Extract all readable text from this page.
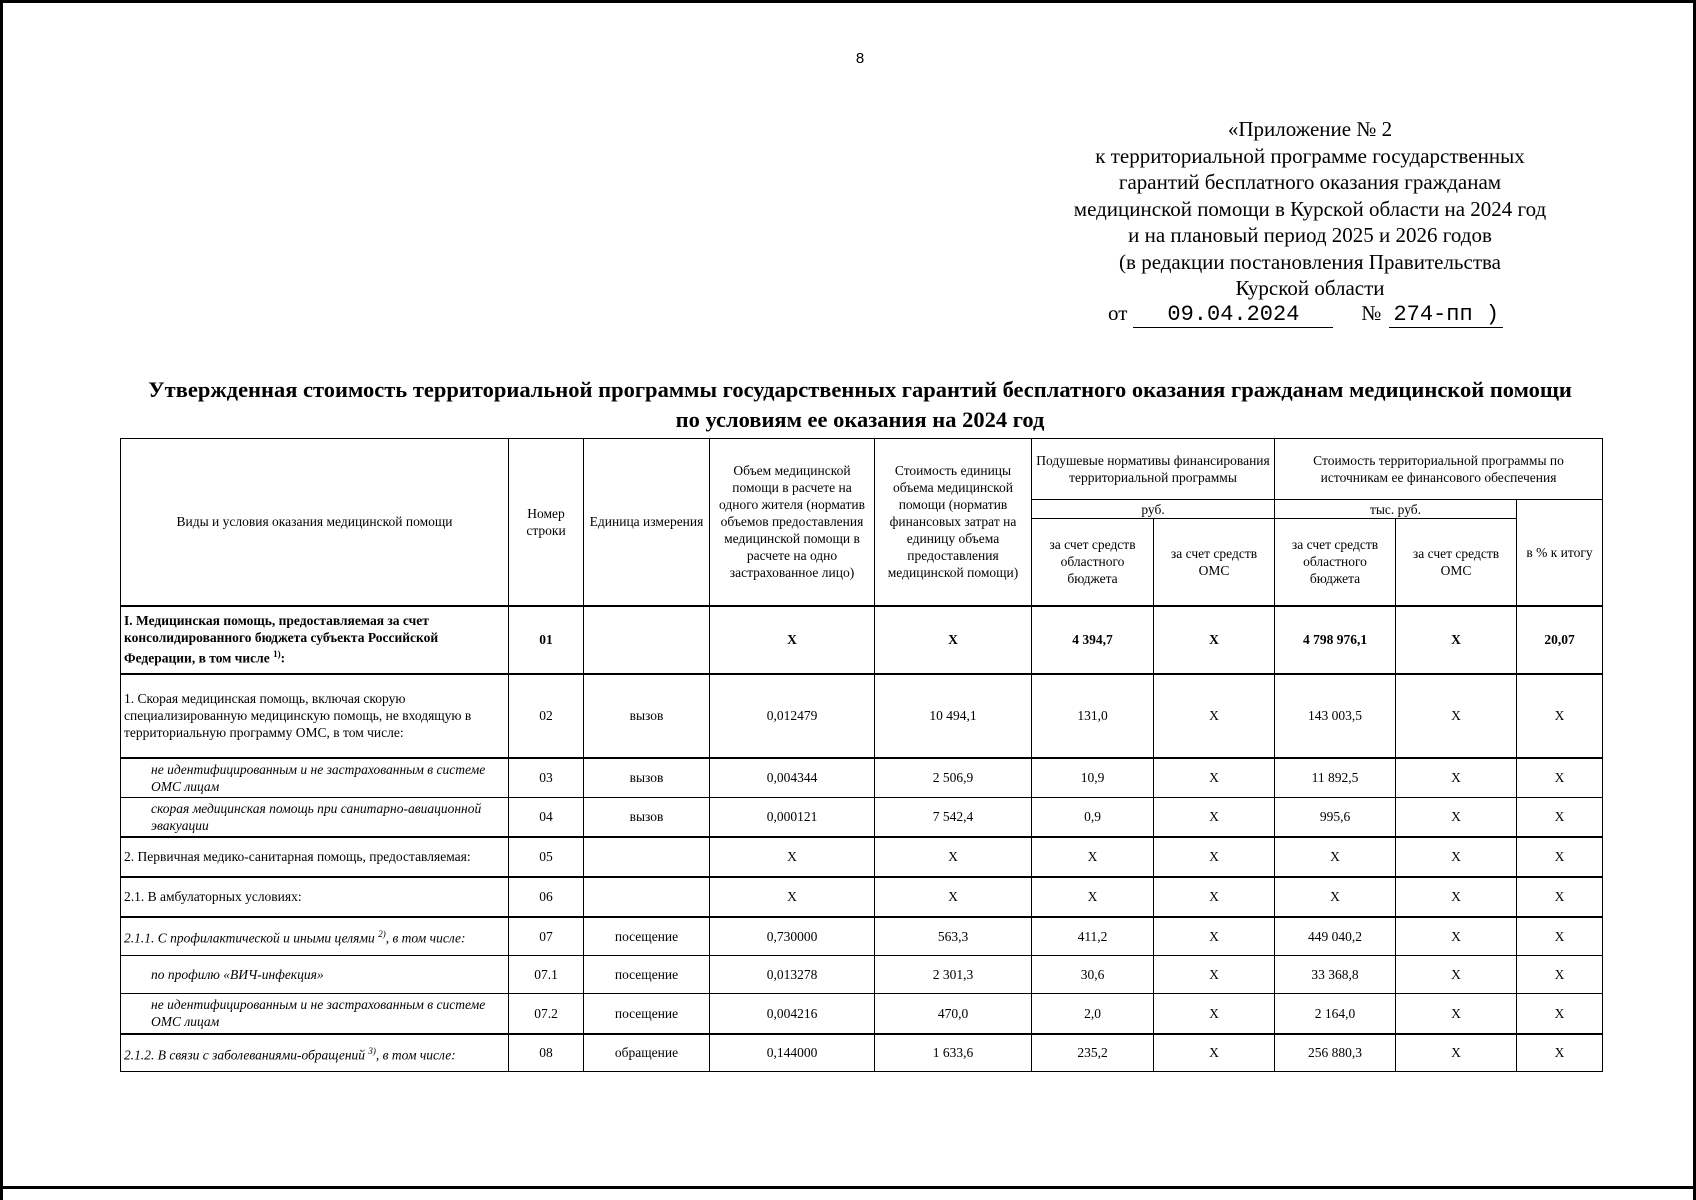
8
«Приложение № 2
к территориальной программе государственных
гарантий бесплатного оказания гражданам
медицинской помощи в Курской области на 2024 год
и на плановый период 2025 и 2026 годов
(в редакции постановления Правительства
Курской области
от 09.04.2024	№ 274-пп )
Утвержденная стоимость территориальной программы государственных гарантий бесплатного оказания гражданам медицинской помощи
по условиям ее оказания на 2024 год
Виды и условия оказания медицинской помощи	Номер строки	Единица измерения	Объем медицинской помощи в расчете на одного жителя (норматив объемов предоставления медицинской помощи в расчете на одно застрахованное лицо)	Стоимость единицы объема медицинской помощи (норматив финансовых затрат на единицу объема предоставления медицинской помощи)	Подушевые нормативы финансирования территориальной программы		Стоимость территориальной программы по источникам ее финансового обеспечения		
					руб.		тыс. руб.		в % к итогу
					за счет средств областного бюджета	за счет средств ОМС	за счет средств областного бюджета	за счет средств ОМС	
I. Медицинская помощь, предоставляемая за счет консолидированного бюджета субъекта Российской Федерации, в том числе $^{1)}$:	01		Х	Х	4 394,7	Х	4 798 976,1	Х	20,07
1. Скорая медицинская помощь, включая скорую специализированную медицинскую помощь, не входящую в территориальную программу ОМС, в том числе:	02	вызов	0,012479	10 494,1	131,0	Х	143 003,5	Х	Х
не идентифицированным и не застрахованным в системе ОМС лицам	03	вызов	0,004344	2 506,9	10,9	Х	11 892,5	Х	Х
скорая медицинская помощь при санитарно-авиационной эвакуации	04	вызов	0,000121	7 542,4	0,9	Х	995,6	Х	Х
2. Первичная медико-санитарная помощь, предоставляемая:	05		Х	Х	Х	Х	Х	Х	Х
2.1. В амбулаторных условиях:	06		Х	Х	Х	Х	Х	Х	Х
2.1.1. С профилактической и иными целями $^{2)}$, в том числе:	07	посещение	0,730000	563,3	411,2	Х	449 040,2	Х	Х
по профилю «ВИЧ-инфекция»	07.1	посещение	0,013278	2 301,3	30,6	Х	33 368,8	Х	Х
не идентифицированным и не застрахованным в системе ОМС лицам	07.2	посещение	0,004216	470,0	2,0	Х	2 164,0	Х	Х
2.1.2. В связи с заболеваниями-обращений $^{3)}$, в том числе:	08	обращение	0,144000	1 633,6	235,2	Х	256 880,3	Х	Х
